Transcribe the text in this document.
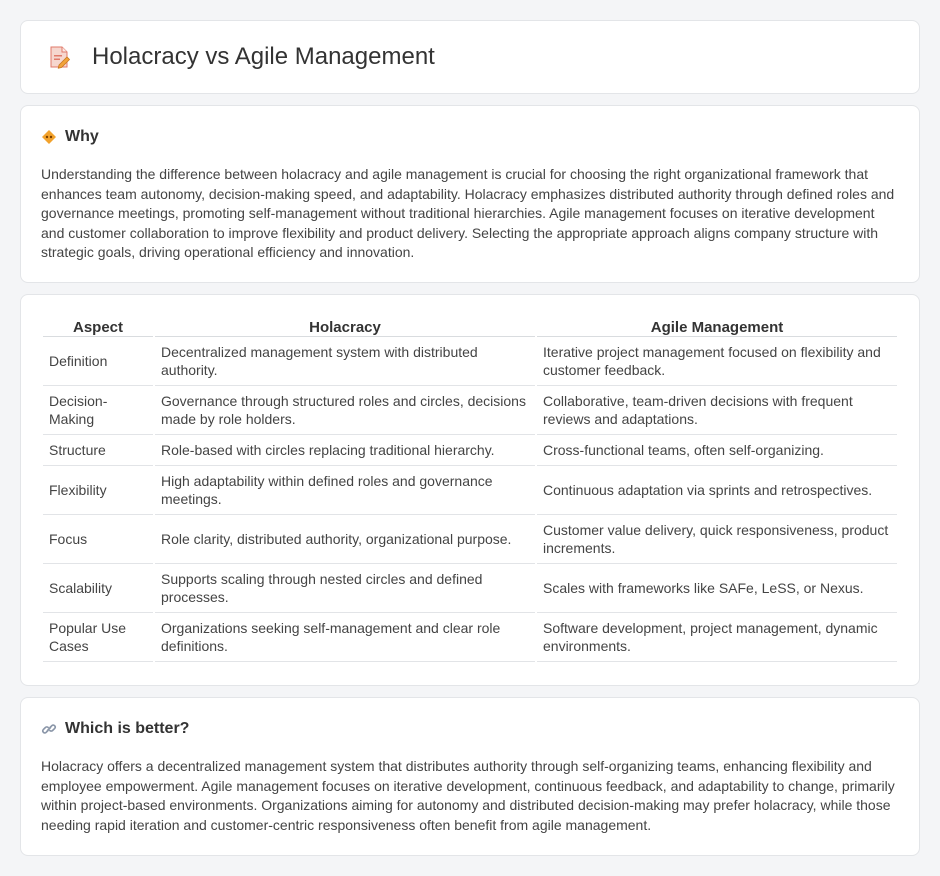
Holacracy vs Agile Management
Why

Understanding the difference between holacracy and agile management is crucial for choosing the right organizational framework that enhances team autonomy, decision-making speed, and adaptability. Holacracy emphasizes distributed authority through defined roles and governance meetings, promoting self-management without traditional hierarchies. Agile management focuses on iterative development and customer collaboration to improve flexibility and product delivery. Selecting the appropriate approach aligns company structure with strategic goals, driving operational efficiency and innovation.

Aspect	Holacracy	Agile Management
Definition	Decentralized management system with distributed authority.	Iterative project management focused on flexibility and customer feedback.
Decision-Making	Governance through structured roles and circles, decisions made by role holders.	Collaborative, team-driven decisions with frequent reviews and adaptations.
Structure	Role-based with circles replacing traditional hierarchy.	Cross-functional teams, often self-organizing.
Flexibility	High adaptability within defined roles and governance meetings.	Continuous adaptation via sprints and retrospectives.
Focus	Role clarity, distributed authority, organizational purpose.	Customer value delivery, quick responsiveness, product increments.
Scalability	Supports scaling through nested circles and defined processes.	Scales with frameworks like SAFe, LeSS, or Nexus.
Popular Use Cases	Organizations seeking self-management and clear role definitions.	Software development, project management, dynamic environments.
Which is better?

Holacracy offers a decentralized management system that distributes authority through self-organizing teams, enhancing flexibility and employee empowerment. Agile management focuses on iterative development, continuous feedback, and adaptability to change, primarily within project-based environments. Organizations aiming for autonomy and distributed decision-making may prefer holacracy, while those needing rapid iteration and customer-centric responsiveness often benefit from agile management.
